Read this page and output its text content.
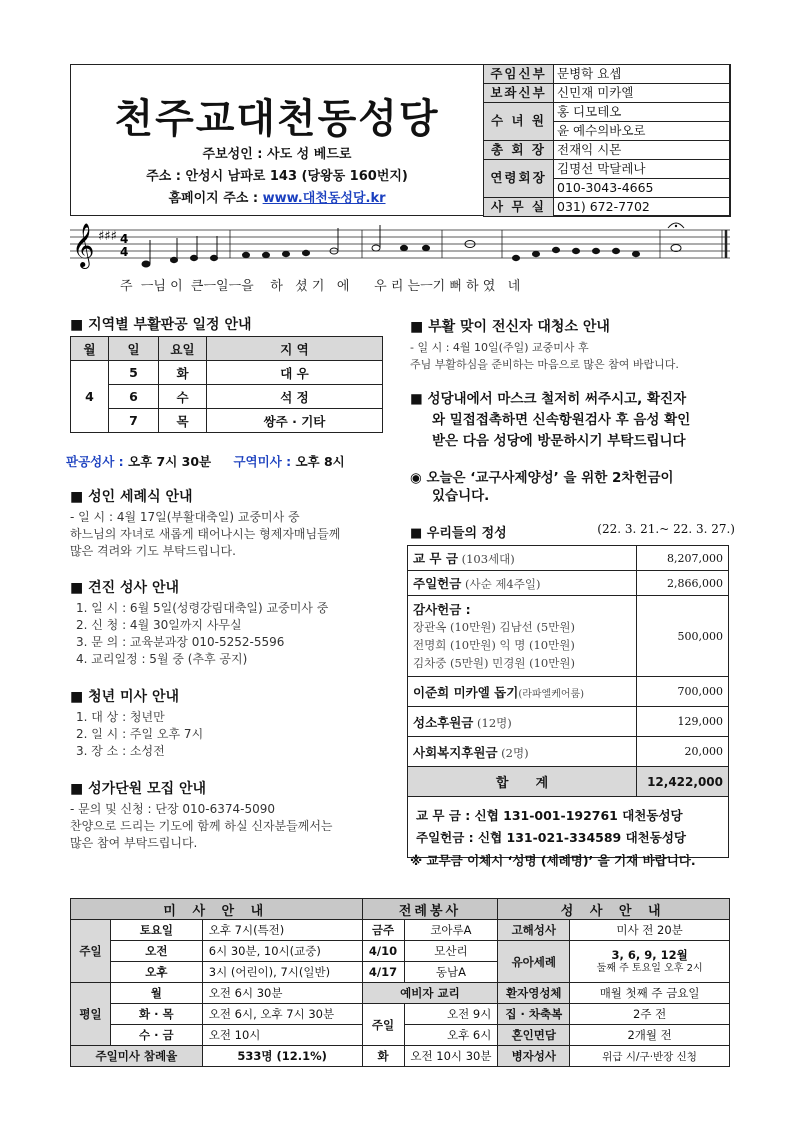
천주교대천동성당
주보성인 : 사도 성 베드로
주소 : 안성시 남파로 143 (당왕동 160번지)
홈페이지 주소 : www.대천동성당.kr
주임신부	문병학 요셉
보좌신부	신민재 미카엘
수 녀 원	홍 디모테오
	윤 예수의바오로
총 회 장	전재익 시몬
연령회장	김명선 막달레나
	010-3043-4665
사 무 실	031) 672-7702
𝄞 ♯♯♯ 4
4
주  ㅡ님 이  큰ㅡ일ㅡ을    하   셨 기   에      우 리 는ㅡ기 뻐 하 였   네
■ 지역별 부활판공 일정 안내
월	일	요일	지 역
4	5	화	대 우
	6	수	석 정
	7	목	쌍주 · 기타
판공성사 : 오후 7시 30분 구역미사 : 오후 8시
■ 성인 세례식 안내
- 일 시 : 4월 17일(부활대축일) 교중미사 중
하느님의 자녀로 새롭게 태어나시는 형제자매님들께
많은 격려와 기도 부탁드립니다.
■ 견진 성사 안내
1. 일 시 : 6월 5일(성령강림대축일) 교중미사 중
2. 신 청 : 4월 30일까지 사무실
3. 문 의 : 교육분과장 010-5252-5596
4. 교리일정 : 5월 중 (추후 공지)
■ 청년 미사 안내
1. 대 상 : 청년만
2. 일 시 : 주일 오후 7시
3. 장 소 : 소성전
■ 성가단원 모집 안내
- 문의 및 신청 : 단장 010-6374-5090
찬양으로 드리는 기도에 함께 하실 신자분들께서는
많은 참여 부탁드립니다.
■ 부활 맞이 전신자 대청소 안내
- 일 시 : 4월 10일(주일) 교중미사 후
주님 부활하심을 준비하는 마음으로 많은 참여 바랍니다.
■ 성당내에서 마스크 철저히 써주시고, 확진자
와 밀접접촉하면 신속항원검사 후 음성 확인
받은 다음 성당에 방문하시기 부탁드립니다
◉ 오늘은 ‘교구사제양성’ 을 위한 2차헌금이
있습니다.
■ 우리들의 정성	(22. 3. 21.~ 22. 3. 27.)
교 무 금 (103세대)	8,207,000
주일헌금 (사순 제4주일)	2,866,000

감사헌금 :
장관옥 (10만원) 김남선 (5만원)
전명희 (10만원) 익 명 (10만원)
김차중 (5만원) 민경원 (10만원)	500,000
이준희 미카엘 돕기(라파엘케어룸)	700,000
성소후원금 (12명)	129,000
사회복지후원금 (2명)	20,000
합      계	12,422,000

교 무 금 : 신협 131-001-192761 대천동성당
주일헌금 : 신협 131-021-334589 대천동성당	
※ 교무금 이체시 ‘성명 (세례명)’ 을 기재 바랍니다.
미 사 안 내			전례봉사		성 사 안 내	
주일	토요일	오후 7시(특전)	금주	코아루A	고해성사	미사 전 20분
	오전	6시 30분, 10시(교중)	4/10	모산리	유아세례	3, 6, 9, 12월
둘째 주 토요일 오후 2시

	오후	3시 (어린이), 7시(일반)	4/17	동남A		
평일	월	오전 6시 30분	예비자 교리		환자영성체	매월 첫째 주 금요일
	화 · 목	오전 6시, 오후 7시 30분	주일	오전 9시	집 · 차축복	2주 전
	수 · 금	오전 10시		오후 6시	혼인면담	2개월 전
주일미사 참례율		533명 (12.1%)	화	오전 10시 30분	병자성사	위급 시/구·반장 신청
